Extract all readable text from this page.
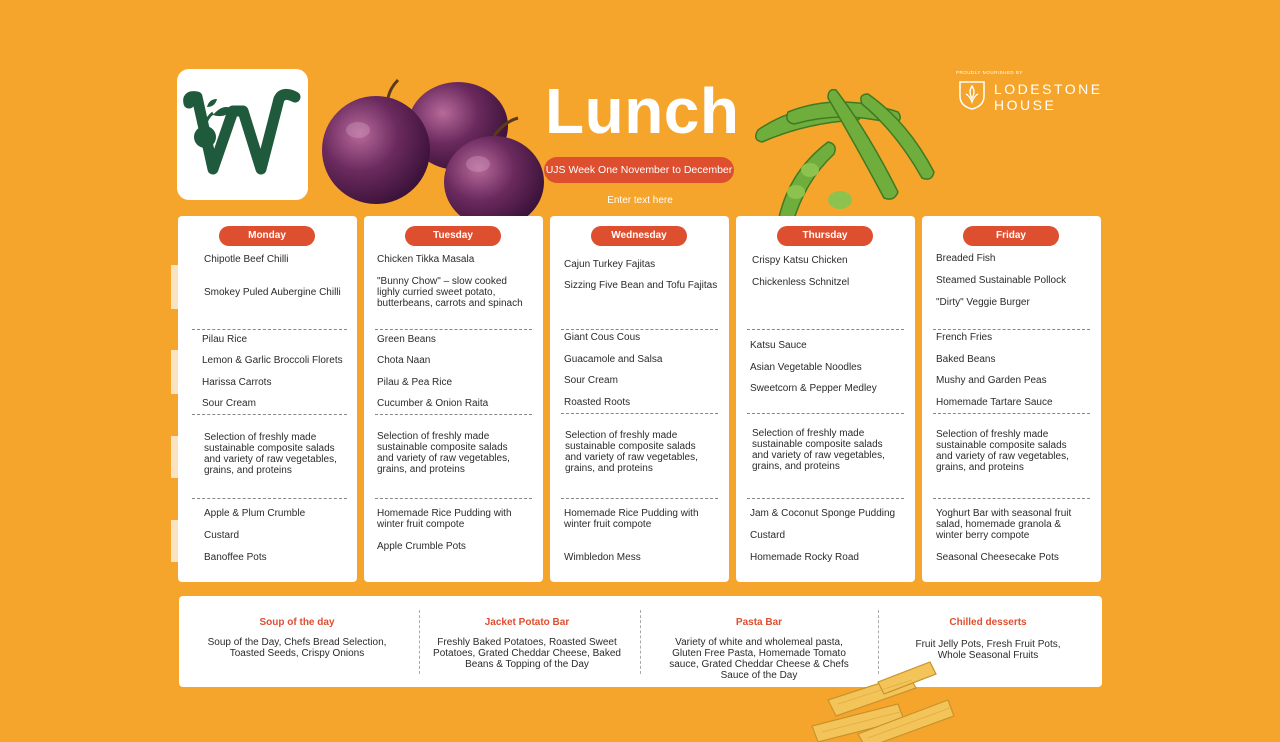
Lunch
UJS Week One November to December
Enter text here
PROUDLY NOURISHED BY
LODESTONE
HOUSE
Monday
Chipotle Beef Chilli
Smokey Puled Aubergine Chilli
Pilau Rice
Lemon & Garlic Broccoli Florets
Harissa Carrots
Sour Cream
Selection of freshly made sustainable composite salads and variety of raw vegetables, grains, and proteins
Apple & Plum Crumble
Custard
Banoffee Pots
Tuesday
Chicken Tikka Masala
"Bunny Chow" – slow cooked lighly curried sweet potato, butterbeans, carrots and spinach
Green Beans
Chota Naan
Pilau & Pea Rice
Cucumber & Onion Raita
Selection of freshly made sustainable composite salads and variety of raw vegetables, grains, and proteins
Homemade Rice Pudding with winter fruit compote
Apple Crumble Pots
Wednesday
Cajun Turkey Fajitas
Sizzing Five Bean and Tofu Fajitas
Giant Cous Cous
Guacamole and Salsa
Sour Cream
Roasted Roots
Selection of freshly made sustainable composite salads and variety of raw vegetables, grains, and proteins
Homemade Rice Pudding with winter fruit compote
Wimbledon Mess
Thursday
Crispy Katsu Chicken
Chickenless Schnitzel
Katsu Sauce
Asian Vegetable Noodles
Sweetcorn & Pepper Medley
Selection of freshly made sustainable composite salads and variety of raw vegetables, grains, and proteins
Jam & Coconut Sponge Pudding
Custard
Homemade Rocky Road
Friday
Breaded Fish
Steamed Sustainable Pollock
"Dirty" Veggie Burger
French Fries
Baked Beans
Mushy and Garden Peas
Homemade Tartare Sauce
Selection of freshly made sustainable composite salads and variety of raw vegetables, grains, and proteins
Yoghurt Bar with seasonal fruit salad, homemade granola & winter berry compote
Seasonal Cheesecake Pots
Soup of the day
Soup of the Day, Chefs Bread Selection, Toasted Seeds, Crispy Onions
Jacket Potato Bar
Freshly Baked Potatoes, Roasted Sweet Potatoes, Grated Cheddar Cheese, Baked Beans & Topping of the Day
Pasta Bar
Variety of white and wholemeal pasta, Gluten Free Pasta, Homemade Tomato sauce, Grated Cheddar Cheese & Chefs Sauce of the Day
Chilled desserts
Fruit Jelly Pots, Fresh Fruit Pots, Whole Seasonal Fruits
